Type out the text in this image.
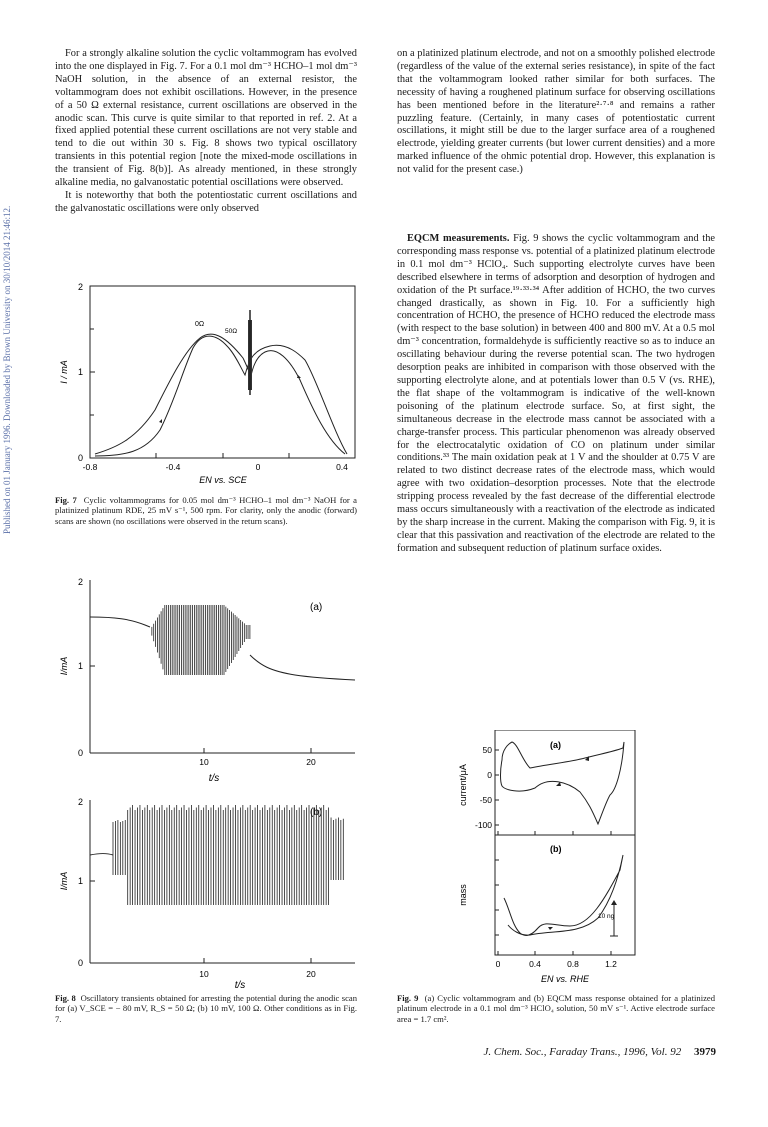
Published on 01 January 1996. Downloaded by Brown University on 30/10/2014 21:46:12.

For a strongly alkaline solution the cyclic voltammogram has evolved into the one displayed in Fig. 7. For a 0.1 mol dm⁻³ HCHO–1 mol dm⁻³ NaOH solution, in the absence of an external resistor, the voltammogram does not exhibit oscillations. However, in the presence of a 50 Ω external resistance, current oscillations are observed in the anodic scan. This curve is quite similar to that reported in ref. 2. At a fixed applied potential these current oscillations are not very stable and tend to die out within 30 s. Fig. 8 shows two typical oscillatory transients in this potential region [note the mixed-mode oscillations in the transient of Fig. 8(b)]. As already mentioned, in these strongly alkaline media, no galvanostatic potential oscillations were observed.

It is noteworthy that both the potentiostatic current oscillations and the galvanostatic oscillations were only observed

on a platinized platinum electrode, and not on a smoothly polished electrode (regardless of the value of the external series resistance), in spite of the fact that the voltammogram looked rather similar for both surfaces. The necessity of having a roughened platinum surface for observing oscillations has been mentioned before in the literature²·⁷·⁸ and remains a rather puzzling feature. (Certainly, in many cases of potentiostatic current oscillations, it might still be due to the larger surface area of a roughened electrode, yielding greater currents (but lower current densities) and a more marked influence of the ohmic potential drop. However, this explanation is not valid for the present case.)

EQCM measurements. Fig. 9 shows the cyclic voltammogram and the corresponding mass response vs. potential of a platinized platinum electrode in 0.1 mol dm⁻³ HClO₄. Such supporting electrolyte curves have been described elsewhere in terms of adsorption and desorption of hydrogen and oxidation of the Pt surface.¹⁹·³³·³⁴ After addition of HCHO, the two curves changed drastically, as shown in Fig. 10. For a sufficiently high concentration of HCHO, the presence of HCHO reduced the electrode mass (with respect to the base solution) in between 400 and 800 mV. At a 0.5 mol dm⁻³ concentration, formaldehyde is sufficiently reactive so as to induce an oscillating behaviour during the reverse potential scan. The two hydrogen desorption peaks are inhibited in comparison with those observed with the supporting electrolyte alone, and at potentials lower than 0.5 V (vs. RHE), the flat shape of the voltammogram is indicative of the well-known poisoning of the platinum electrode surface. So, at first sight, the simultaneous decrease in the electrode mass cannot be associated with a charge-transfer process. This particular phenomenon was already observed for the electrocatalytic oxidation of CO on platinum under similar conditions.³³ The main oxidation peak at 1 V and the shoulder at 0.75 V are related to two distinct decrease rates of the electrode mass, which would agree with two oxidation–desorption processes. Note that the electrode stripping process revealed by the fast decrease of the differential electrode mass occurs simultaneously with a reactivation of the electrode as indicated by the sharp increase in the current. Making the comparison with Fig. 9, it is clear that this passivation and reactivation of the electrode are related to the formation and subsequent reduction of platinum surface oxides.

2
1
0
-0.8	-0.4	0	0.4
EN vs. SCE
I / mA
0Ω
50Ω
Fig. 7 Cyclic voltammograms for 0.05 mol dm⁻³ HCHO–1 mol dm⁻³ NaOH for a platinized platinum RDE, 25 mV s⁻¹, 500 rpm. For clarity, only the anodic (forward) scans are shown (no oscillations were observed in the return scans).
2
1
0
10	20
t/s
I/mA
(a)
2
1
0
10	20
t/s
I/mA
(b)
Fig. 8 Oscillatory transients obtained for arresting the potential during the anodic scan for (a) V_SCE = − 80 mV, R_S = 50 Ω; (b) 10 mV, 100 Ω. Other conditions as in Fig. 7.
50
0
-50
-100
0	0.4	0.8	1.2
EN vs. RHE
current/μA
mass
(a)
(b)
10 ng
Fig. 9 (a) Cyclic voltammogram and (b) EQCM mass response obtained for a platinized platinum electrode in a 0.1 mol dm⁻³ HClO₄ solution, 50 mV s⁻¹. Active electrode surface area = 1.7 cm².
J. Chem. Soc., Faraday Trans., 1996, Vol. 92 3979
